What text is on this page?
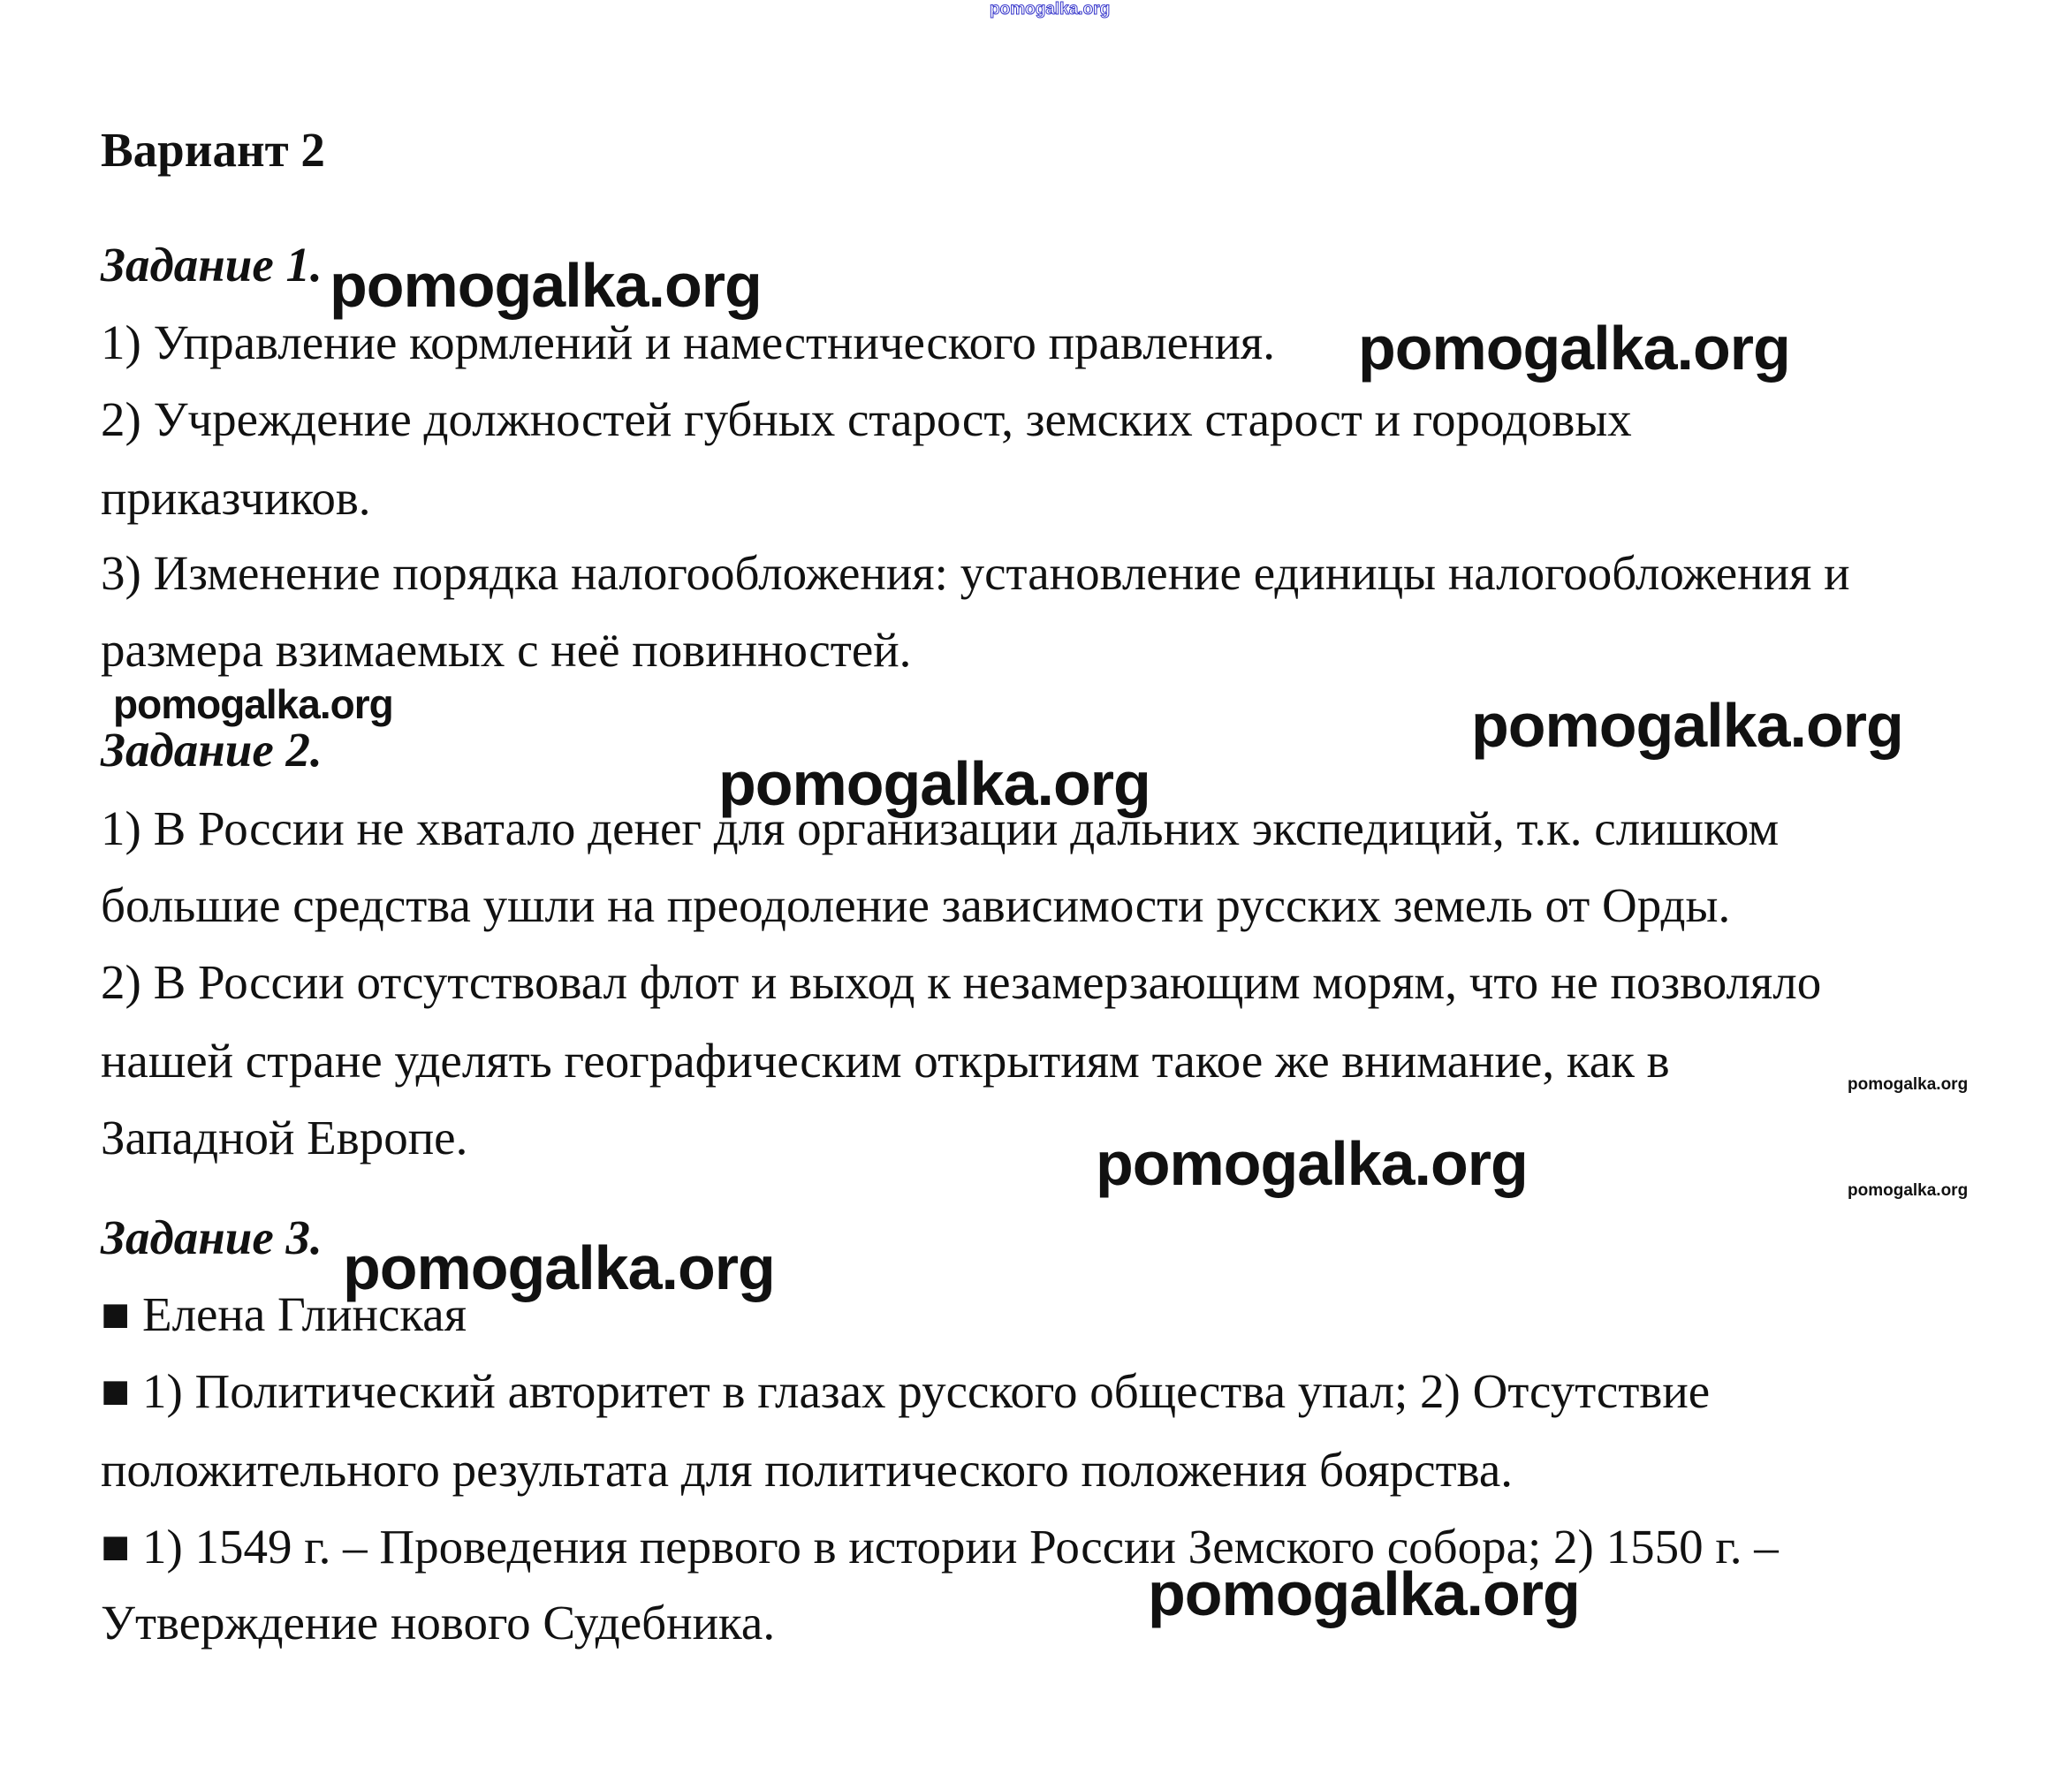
pomogalka.org
Вариант 2
Задание 1.
1) Управление кормлений и наместнического правления.
2) Учреждение должностей губных старост, земских старост и городовых
приказчиков.
3) Изменение порядка налогообложения: установление единицы налогообложения и
размера взимаемых с неё повинностей.
Задание 2.
1) В России не хватало денег для организации дальних экспедиций, т.к. слишком
большие средства ушли на преодоление зависимости русских земель от Орды.
2) В России отсутствовал флот и выход к незамерзающим морям, что не позволяло
нашей стране уделять географическим открытиям такое же внимание, как в
Западной Европе.
Задание 3.
■ Елена Глинская
■ 1) Политический авторитет в глазах русского общества упал; 2) Отсутствие
положительного результата для политического положения боярства.
■ 1) 1549 г. – Проведения первого в истории России Земского собора; 2) 1550 г. –
Утверждение нового Судебника.
pomogalka.org
pomogalka.org
pomogalka.org	pomogalka.org
pomogalka.org
pomogalka.org
pomogalka.org	pomogalka.org
pomogalka.org
pomogalka.org
